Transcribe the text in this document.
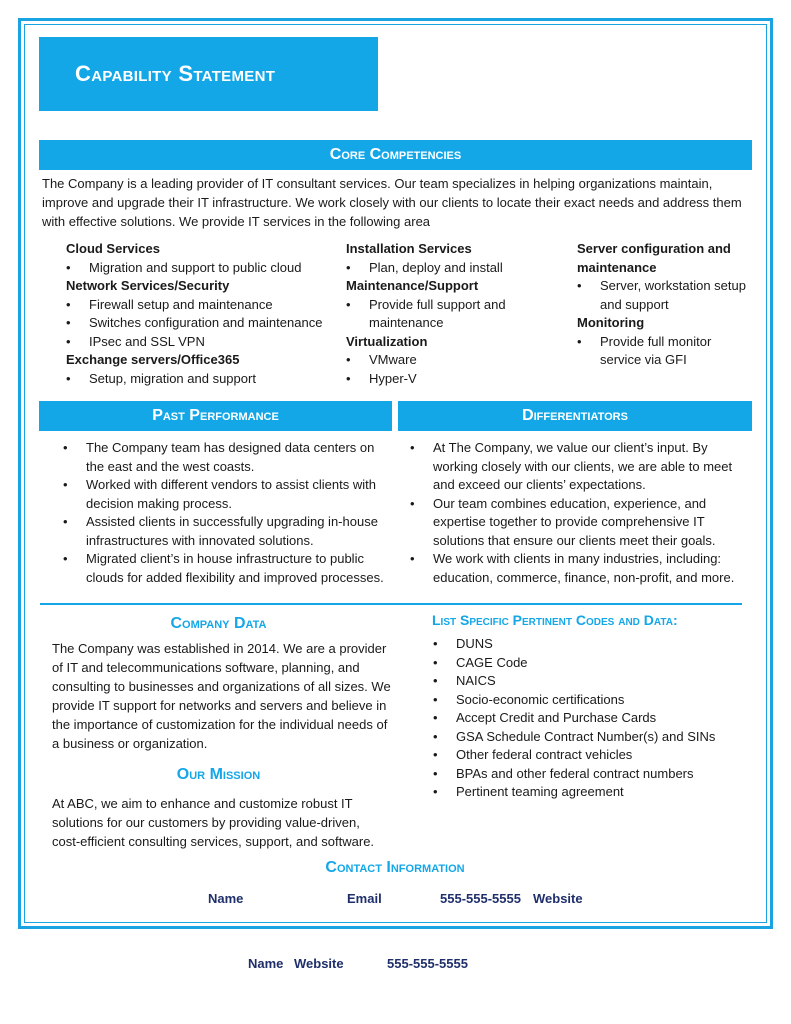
Capability Statement
Core Competencies
The Company is a leading provider of IT consultant services. Our team specializes in helping organizations maintain, improve and upgrade their IT infrastructure. We work closely with our clients to locate their exact needs and address them with effective solutions. We provide IT services in the following area
Cloud Services
• Migration and support to public cloud
Network Services/Security
• Firewall setup and maintenance
• Switches configuration and maintenance
• IPsec and SSL VPN
Exchange servers/Office365
• Setup, migration and support
Installation Services
• Plan, deploy and install
Maintenance/Support
• Provide full support and maintenance
Virtualization
• VMware
• Hyper-V
Server configuration and maintenance
• Server, workstation setup and support
Monitoring
• Provide full monitor service via GFI
Past Performance	Differentiators
• The Company team has designed data centers on the east and the west coasts.
• Worked with different vendors to assist clients with decision making process.
• Assisted clients in successfully upgrading in-house infrastructures with innovated solutions.
• Migrated client’s in house infrastructure to public clouds for added flexibility and improved processes.
• At The Company, we value our client’s input. By working closely with our clients, we are able to meet and exceed our clients’ expectations.
• Our team combines education, experience, and expertise together to provide comprehensive IT solutions that ensure our clients meet their goals.
• We work with clients in many industries, including: education, commerce, finance, non-profit, and more.
Company Data
The Company was established in 2014. We are a provider of IT and telecommunications software, planning, and consulting to businesses and organizations of all sizes. We provide IT support for networks and servers and believe in the importance of customization for the individual needs of a business or organization.
Our Mission
At ABC, we aim to enhance and customize robust IT solutions for our customers by providing value-driven, cost-efficient consulting services, support, and software.
List Specific Pertinent Codes and Data:
• DUNS
• CAGE Code
• NAICS
• Socio-economic certifications
• Accept Credit and Purchase Cards
• GSA Schedule Contract Number(s) and SINs
• Other federal contract vehicles
• BPAs and other federal contract numbers
• Pertinent teaming agreement
Contact Information
Name	Email	555-555-5555 Website
Name Website	555-555-5555
